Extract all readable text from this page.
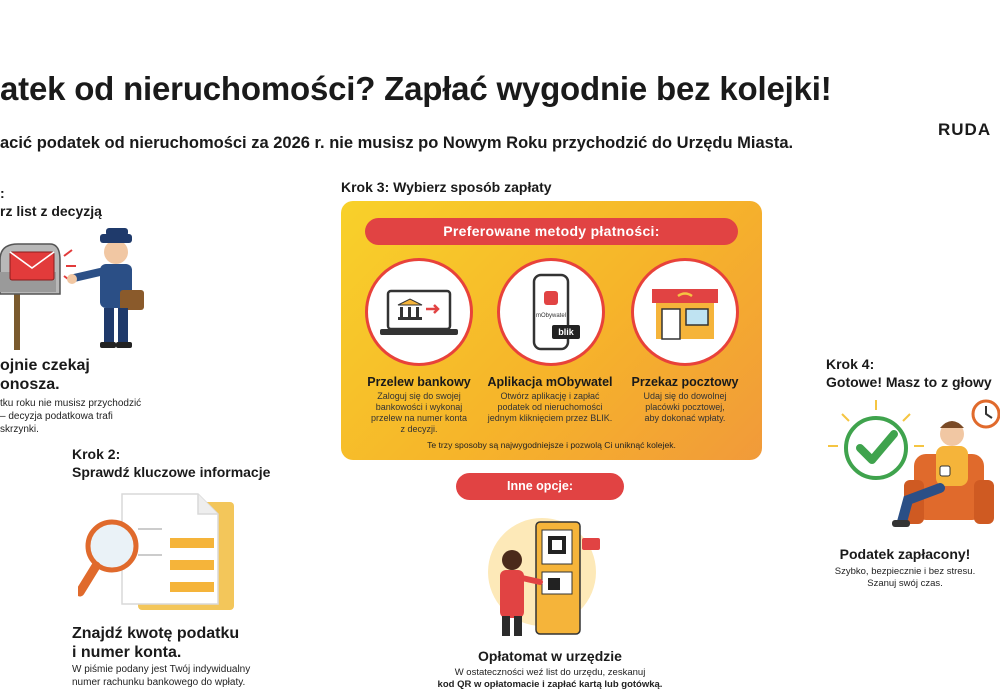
atek od nieruchomości? Zapłać wygodnie bez kolejki!
acić podatek od nieruchomości za 2026 r. nie musisz po Nowym Roku przychodzić do Urzędu Miasta.
RUDA
:
rz list z decyzją
ojnie czekaj
onosza.
tku roku nie musisz przychodzić
– decyzja podatkowa trafi
skrzynki.
Krok 2:
Sprawdź kluczowe informacje
Znajdź kwotę podatku
i numer konta.
W piśmie podany jest Twój indywidualny
numer rachunku bankowego do wpłaty.
Krok 3: Wybierz sposób zapłaty
Preferowane metody płatności:
Przelew bankowy
Zaloguj się do swojej
bankowości i wykonaj
przelew na numer konta
z decyzji.
mObywatel
blik
Aplikacja mObywatel
Otwórz aplikację i zapłać
podatek od nieruchomości
jednym kliknięciem przez BLIK.
Przekaz pocztowy
Udaj się do dowolnej
placówki pocztowej,
aby dokonać wpłaty.
Te trzy sposoby są najwygodniejsze i pozwolą Ci uniknąć kolejek.
Inne opcje:
Opłatomat w urzędzie
W ostateczności weź list do urzędu, zeskanuj
kod QR w opłatomacie i zapłać kartą lub gotówką.
Krok 4:
Gotowe! Masz to z głowy
Podatek zapłacony!
Szybko, bezpiecznie i bez stresu.
Szanuj swój czas.
